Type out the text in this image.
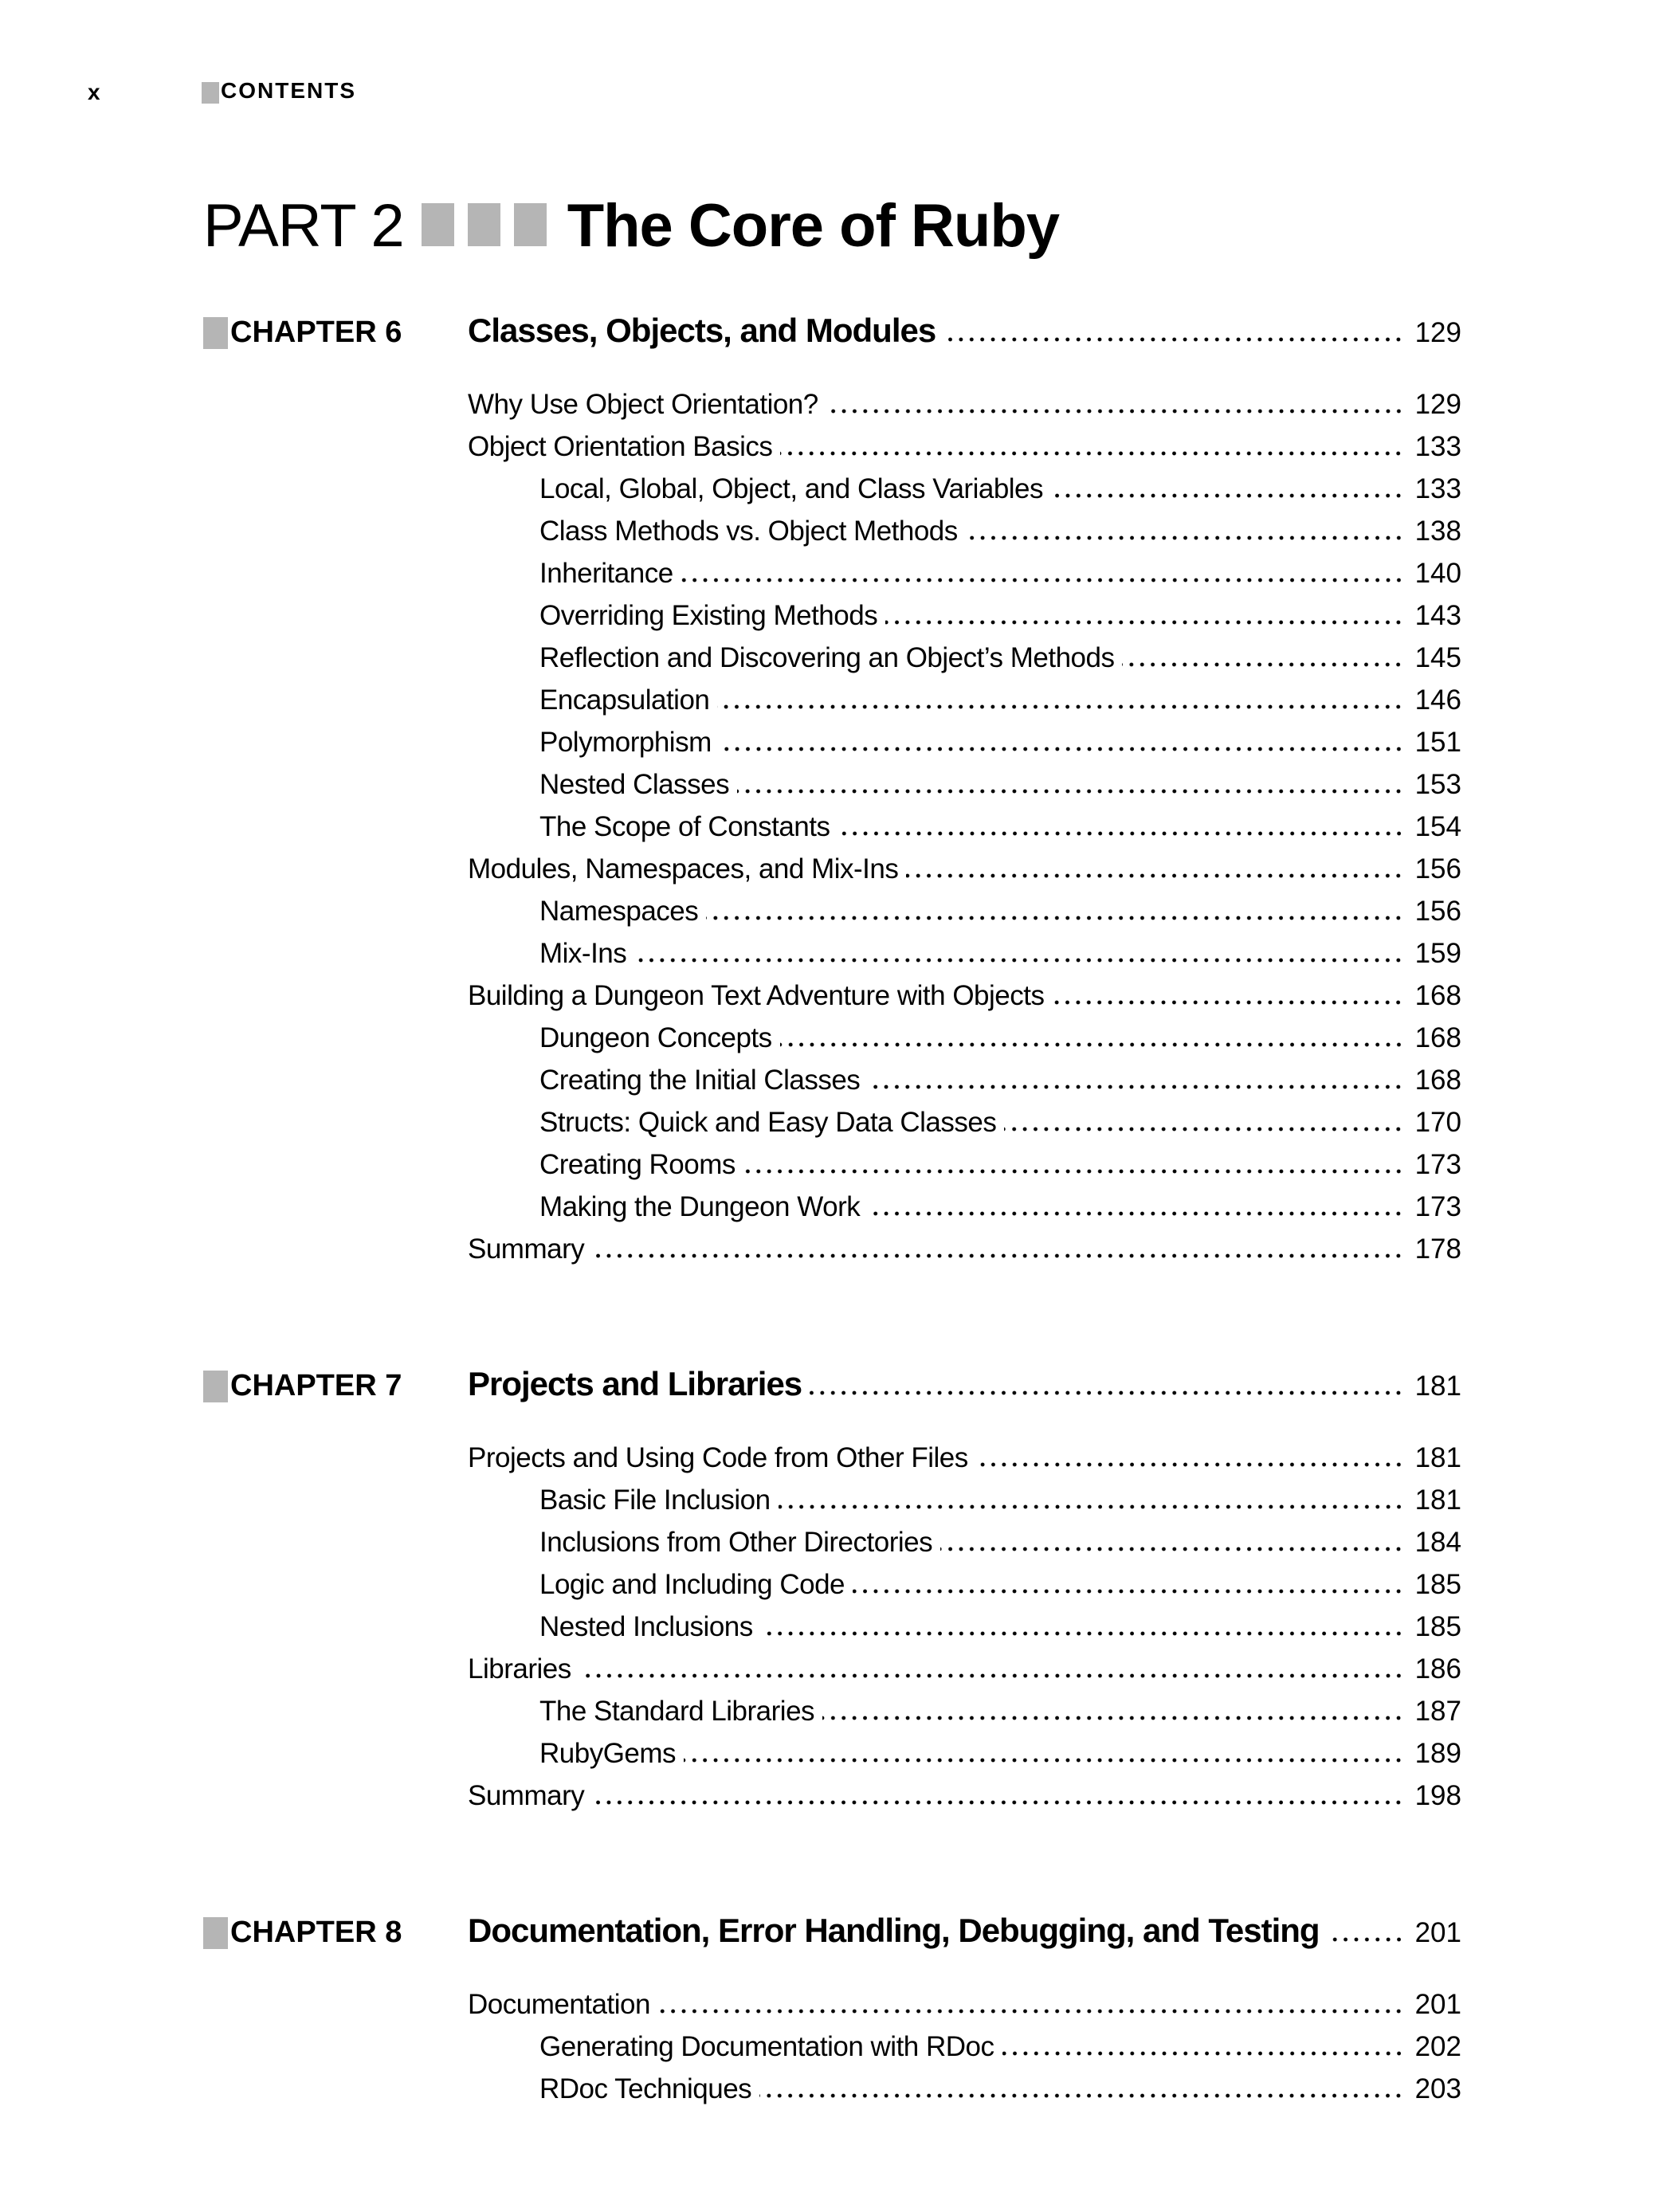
x	CONTENTS
PART 2	The Core of Ruby
CHAPTER 6 Classes, Objects, and Modules	129
Why Use Object Orientation?	129
Object Orientation Basics	133
Local, Global, Object, and Class Variables	133
Class Methods vs. Object Methods	138
Inheritance	140
Overriding Existing Methods	143
Reflection and Discovering an Object’s Methods	145
Encapsulation	146
Polymorphism	151
Nested Classes	153
The Scope of Constants	154
Modules, Namespaces, and Mix-Ins	156
Namespaces	156
Mix-Ins	159
Building a Dungeon Text Adventure with Objects	168
Dungeon Concepts	168
Creating the Initial Classes	168
Structs: Quick and Easy Data Classes	170
Creating Rooms	173
Making the Dungeon Work	173
Summary	178
CHAPTER 7 Projects and Libraries	181
Projects and Using Code from Other Files	181
Basic File Inclusion	181
Inclusions from Other Directories	184
Logic and Including Code	185
Nested Inclusions	185
Libraries	186
The Standard Libraries	187
RubyGems	189
Summary	198
CHAPTER 8 Documentation, Error Handling, Debugging, and Testing	201
Documentation	201
Generating Documentation with RDoc	202
RDoc Techniques	203
